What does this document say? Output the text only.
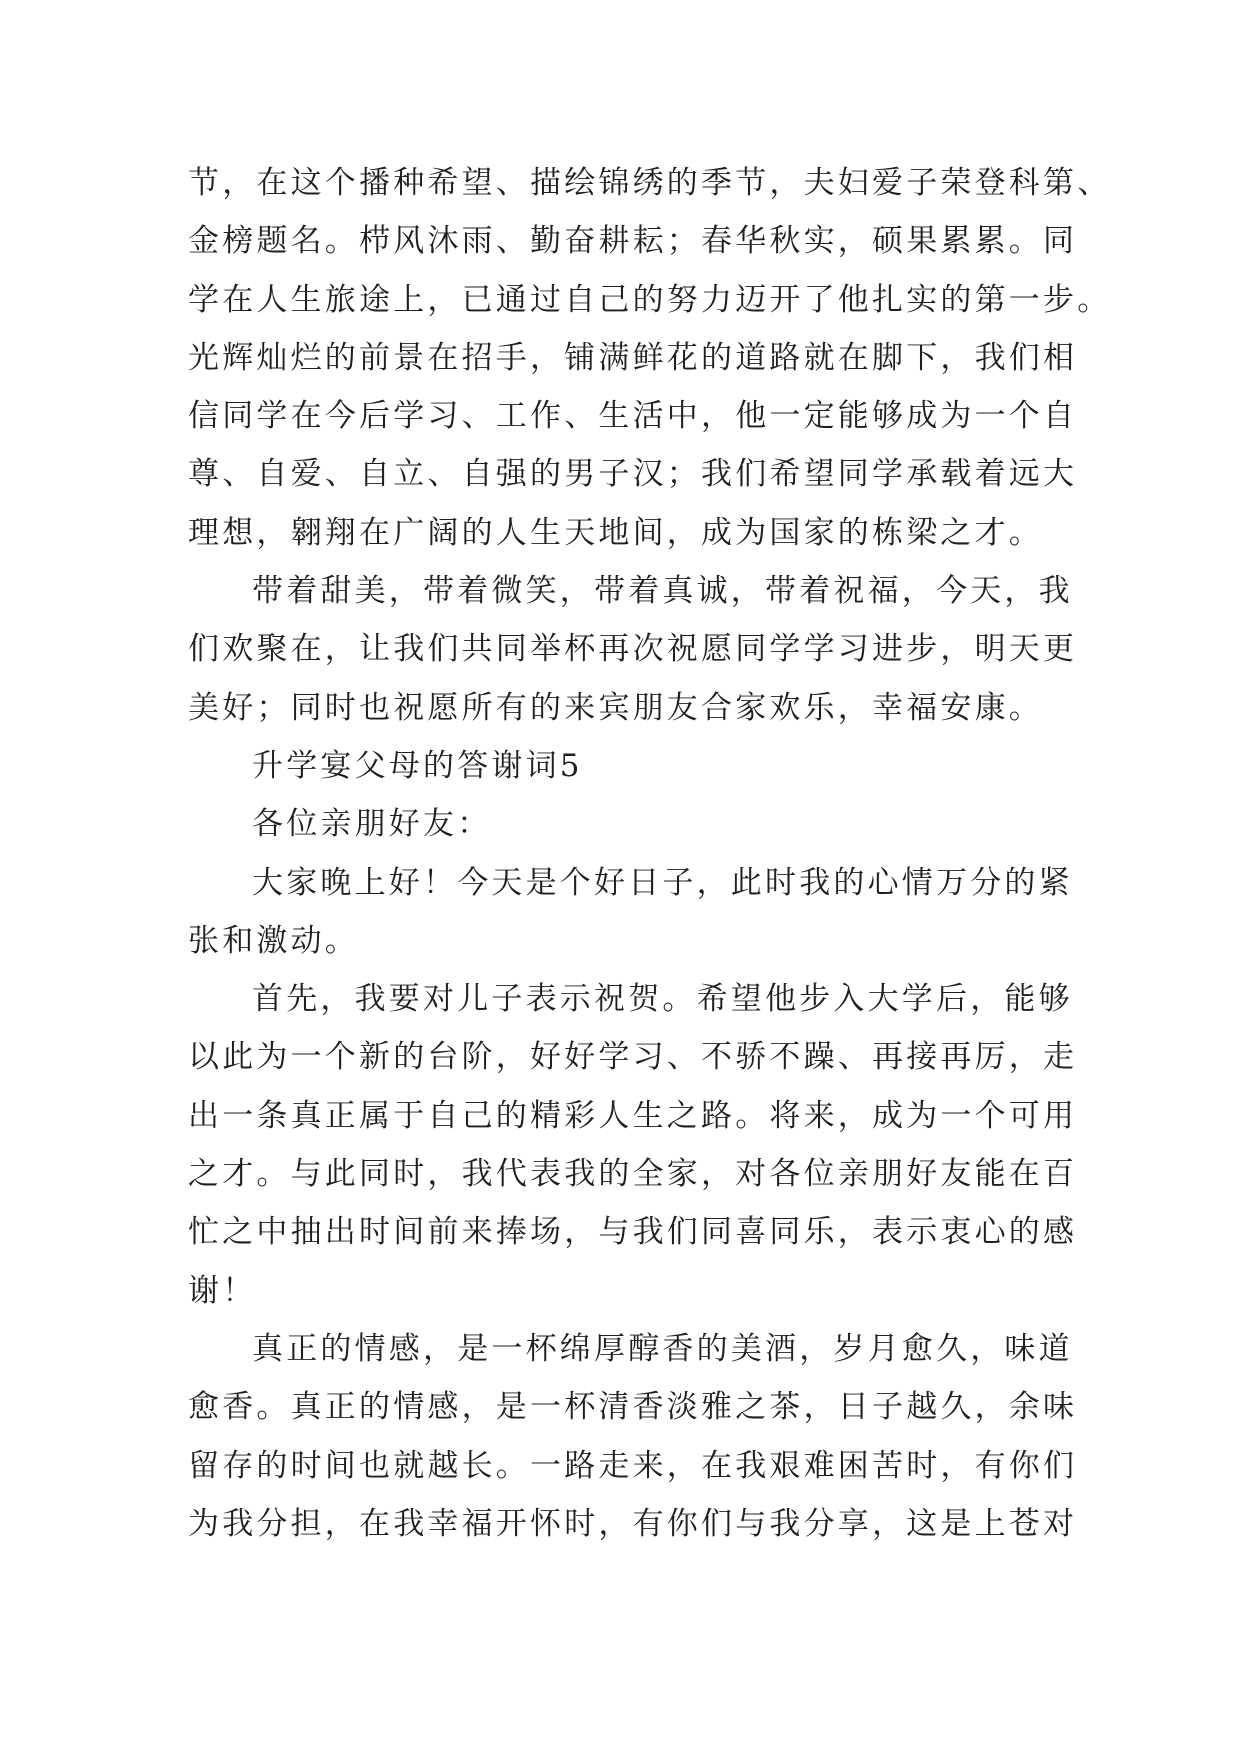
节，在这个播种希望、描绘锦绣的季节，夫妇爱子荣登科第、
金榜题名。栉风沐雨、勤奋耕耘；春华秋实，硕果累累。同
学在人生旅途上，已通过自己的努力迈开了他扎实的第一步。
光辉灿烂的前景在招手，铺满鲜花的道路就在脚下，我们相
信同学在今后学习、工作、生活中，他一定能够成为一个自
尊、自爱、自立、自强的男子汉；我们希望同学承载着远大
理想，翱翔在广阔的人生天地间，成为国家的栋梁之才。
带着甜美，带着微笑，带着真诚，带着祝福，今天，我
们欢聚在，让我们共同举杯再次祝愿同学学习进步，明天更
美好；同时也祝愿所有的来宾朋友合家欢乐，幸福安康。
升学宴父母的答谢词5
各位亲朋好友：
大家晚上好！今天是个好日子，此时我的心情万分的紧
张和激动。
首先，我要对儿子表示祝贺。希望他步入大学后，能够
以此为一个新的台阶，好好学习、不骄不躁、再接再厉，走
出一条真正属于自己的精彩人生之路。将来，成为一个可用
之才。与此同时，我代表我的全家，对各位亲朋好友能在百
忙之中抽出时间前来捧场，与我们同喜同乐，表示衷心的感
谢！
真正的情感，是一杯绵厚醇香的美酒，岁月愈久，味道
愈香。真正的情感，是一杯清香淡雅之茶，日子越久，余味
留存的时间也就越长。一路走来，在我艰难困苦时，有你们
为我分担，在我幸福开怀时，有你们与我分享，这是上苍对
